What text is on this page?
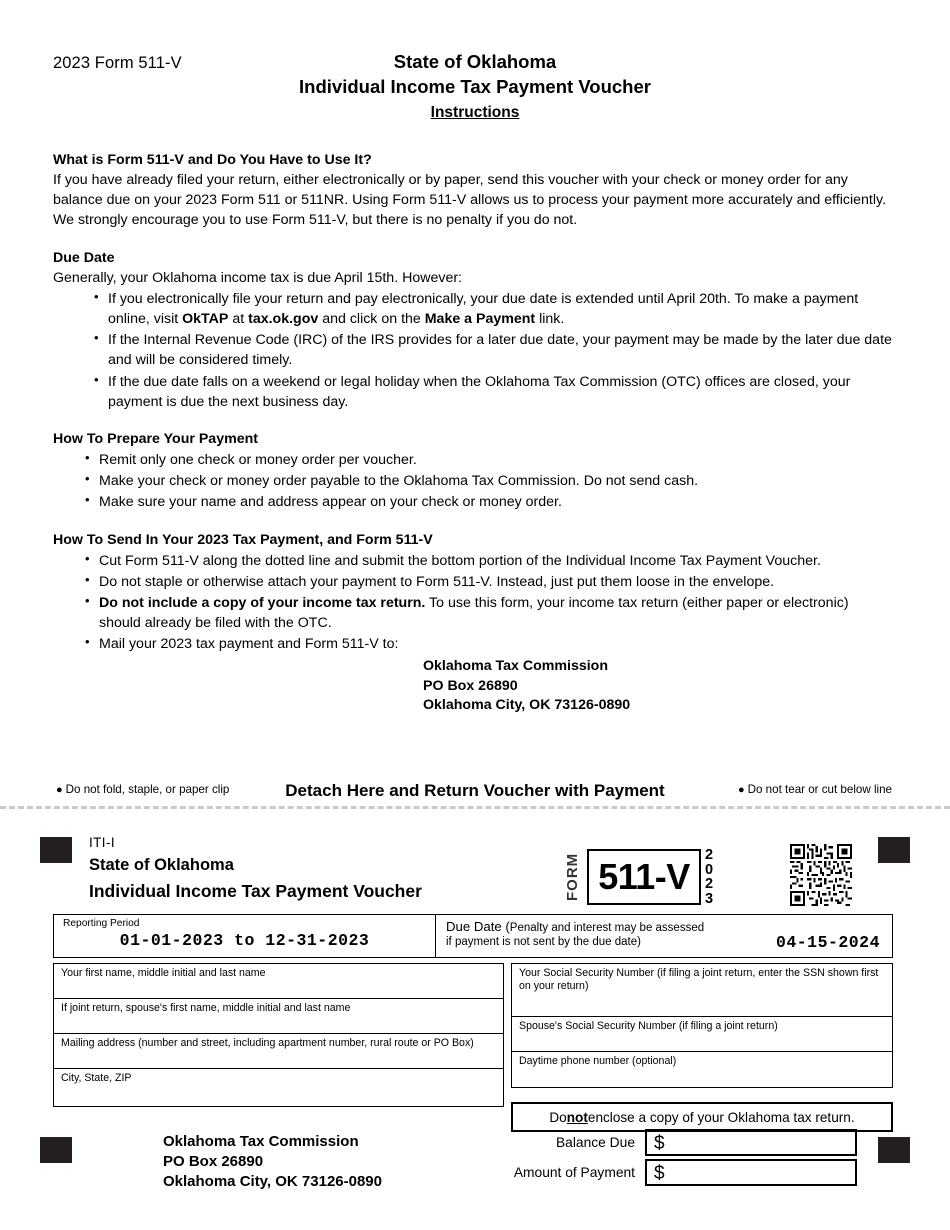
2023 Form 511-V	State of Oklahoma
Individual Income Tax Payment Voucher
Instructions
What is Form 511-V and Do You Have to Use It?
If you have already filed your return, either electronically or by paper, send this voucher with your check or money order for any balance due on your 2023 Form 511 or 511NR. Using Form 511-V allows us to process your payment more accurately and efficiently. We strongly encourage you to use Form 511-V, but there is no penalty if you do not.
Due Date
Generally, your Oklahoma income tax is due April 15th. However:
• If you electronically file your return and pay electronically, your due date is extended until April 20th. To make a payment online, visit OkTAP at tax.ok.gov and click on the Make a Payment link.
• If the Internal Revenue Code (IRC) of the IRS provides for a later due date, your payment may be made by the later due date and will be considered timely.
• If the due date falls on a weekend or legal holiday when the Oklahoma Tax Commission (OTC) offices are closed, your payment is due the next business day.
How To Prepare Your Payment
• Remit only one check or money order per voucher.
• Make your check or money order payable to the Oklahoma Tax Commission. Do not send cash.
• Make sure your name and address appear on your check or money order.
How To Send In Your 2023 Tax Payment, and Form 511-V
• Cut Form 511-V along the dotted line and submit the bottom portion of the Individual Income Tax Payment Voucher.
• Do not staple or otherwise attach your payment to Form 511-V. Instead, just put them loose in the envelope.
• Do not include a copy of your income tax return. To use this form, your income tax return (either paper or electronic) should already be filed with the OTC.
• Mail your 2023 tax payment and Form 511-V to:
Oklahoma Tax Commission
PO Box 26890
Oklahoma City, OK 73126-0890
● Do not fold, staple, or paper clip	Detach Here and Return Voucher with Payment	● Do not tear or cut below line
ITI-I
State of Oklahoma
Individual Income Tax Payment Voucher	FORM 511-V
2
0
2
3
Reporting Period
01-01-2023 to 12-31-2023
Due Date (Penalty and interest may be assessed
if payment is not sent by the due date)	04-15-2024
Your first name, middle initial and last name
If joint return, spouse's first name, middle initial and last name
Mailing address (number and street, including apartment number, rural route or PO Box)
City, State, ZIP
Your Social Security Number (if filing a joint return, enter the SSN shown first on your return)
Spouse's Social Security Number (if filing a joint return)
Daytime phone number (optional)
Do not enclose a copy of your Oklahoma tax return.
Oklahoma Tax Commission
PO Box 26890
Oklahoma City, OK 73126-0890
Balance Due $
Amount of Payment $
